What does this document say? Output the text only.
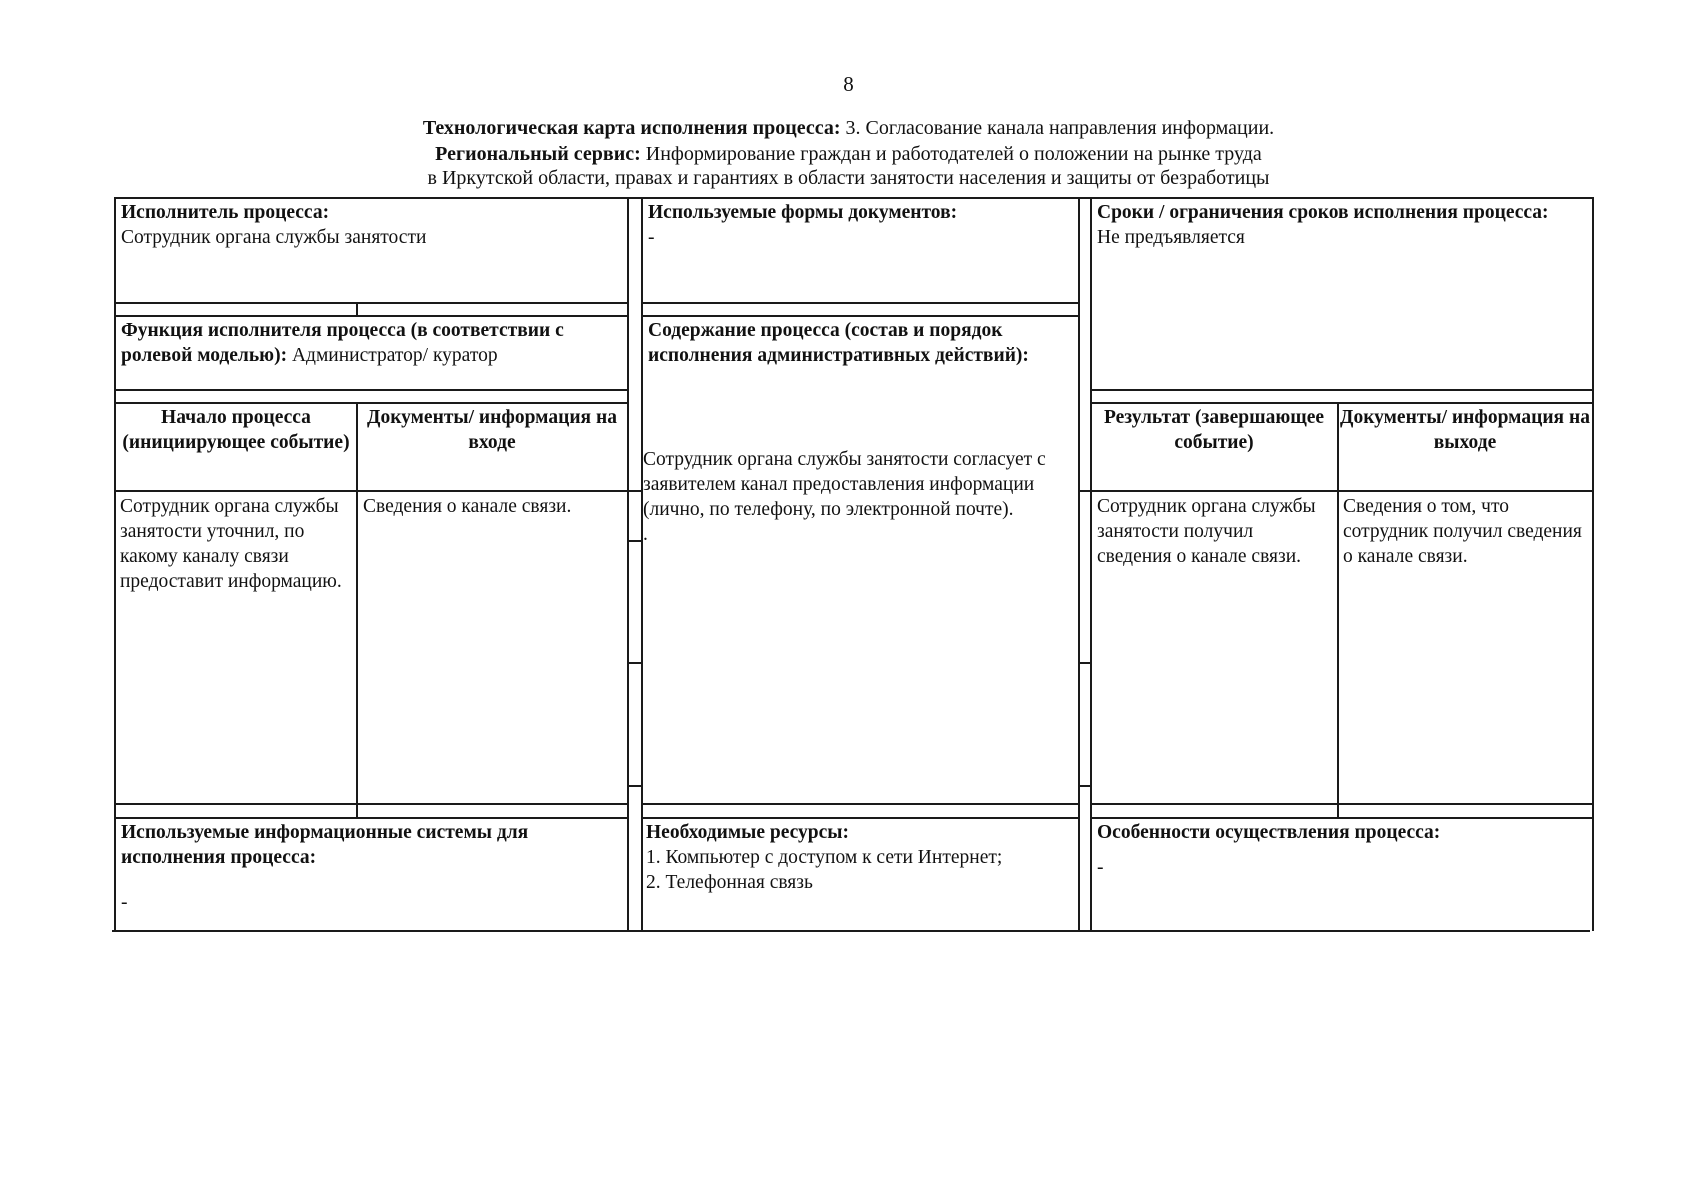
8
Технологическая карта исполнения процесса: 3. Согласование канала направления информации.
Региональный сервис: Информирование граждан и работодателей о положении на рынке труда
в Иркутской области, правах и гарантиях в области занятости населения и защиты от безработицы
Исполнитель процесса:
Сотрудник органа службы занятости
Используемые формы документов:
-
Сроки / ограничения сроков исполнения процесса:
Не предъявляется
Функция исполнителя процесса (в соответствии с ролевой моделью): Администратор/ куратор
Содержание процесса (состав и порядок исполнения административных действий):
Начало процесса (инициирующее событие)
Документы/ информация на входе
Результат (завершающее событие)
Документы/ информация на выходе
Сотрудник органа службы занятости согласует с заявителем канал предоставления информации (лично, по телефону, по электронной почте).
.
Сотрудник органа службы занятости уточнил, по какому каналу связи предоставит информацию.
Сведения о канале связи.	Сотрудник органа службы занятости получил сведения о канале связи.
Сведения о том, что сотрудник получил сведения о канале связи.
Используемые информационные системы для исполнения процесса:
-
Необходимые ресурсы:
1. Компьютер с доступом к сети Интернет;
2. Телефонная связь
Особенности осуществления процесса:
-
